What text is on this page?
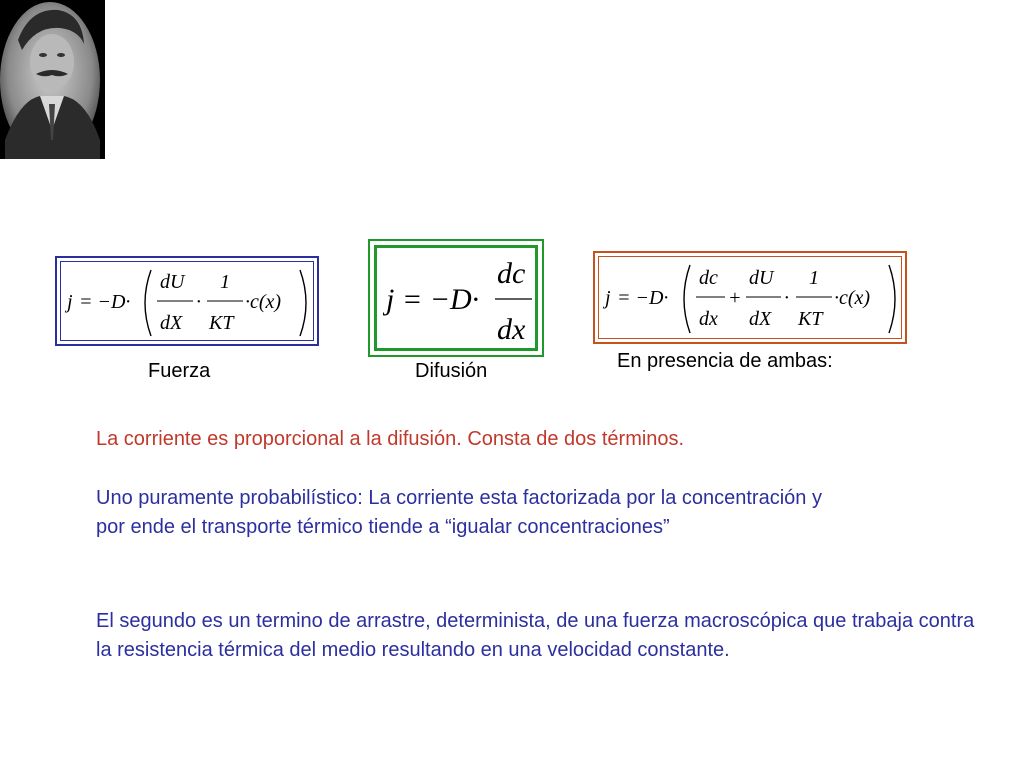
j = −D·
dU
dX
·
1
KT
·c(x)	j = −D·
dc
dx
j = −D·
dc
dx
+
dU
dX
·
1
KT
·c(x)
Fuerza	Difusión	En presencia de ambas:
La corriente es proporcional a la difusión. Consta de dos términos.
Uno puramente probabilístico: La corriente esta factorizada por la concentración y por ende el transporte térmico tiende a “igualar concentraciones”
El segundo es un termino de arrastre, determinista, de una fuerza macroscópica que trabaja contra la resistencia térmica del medio resultando en una velocidad constante.
